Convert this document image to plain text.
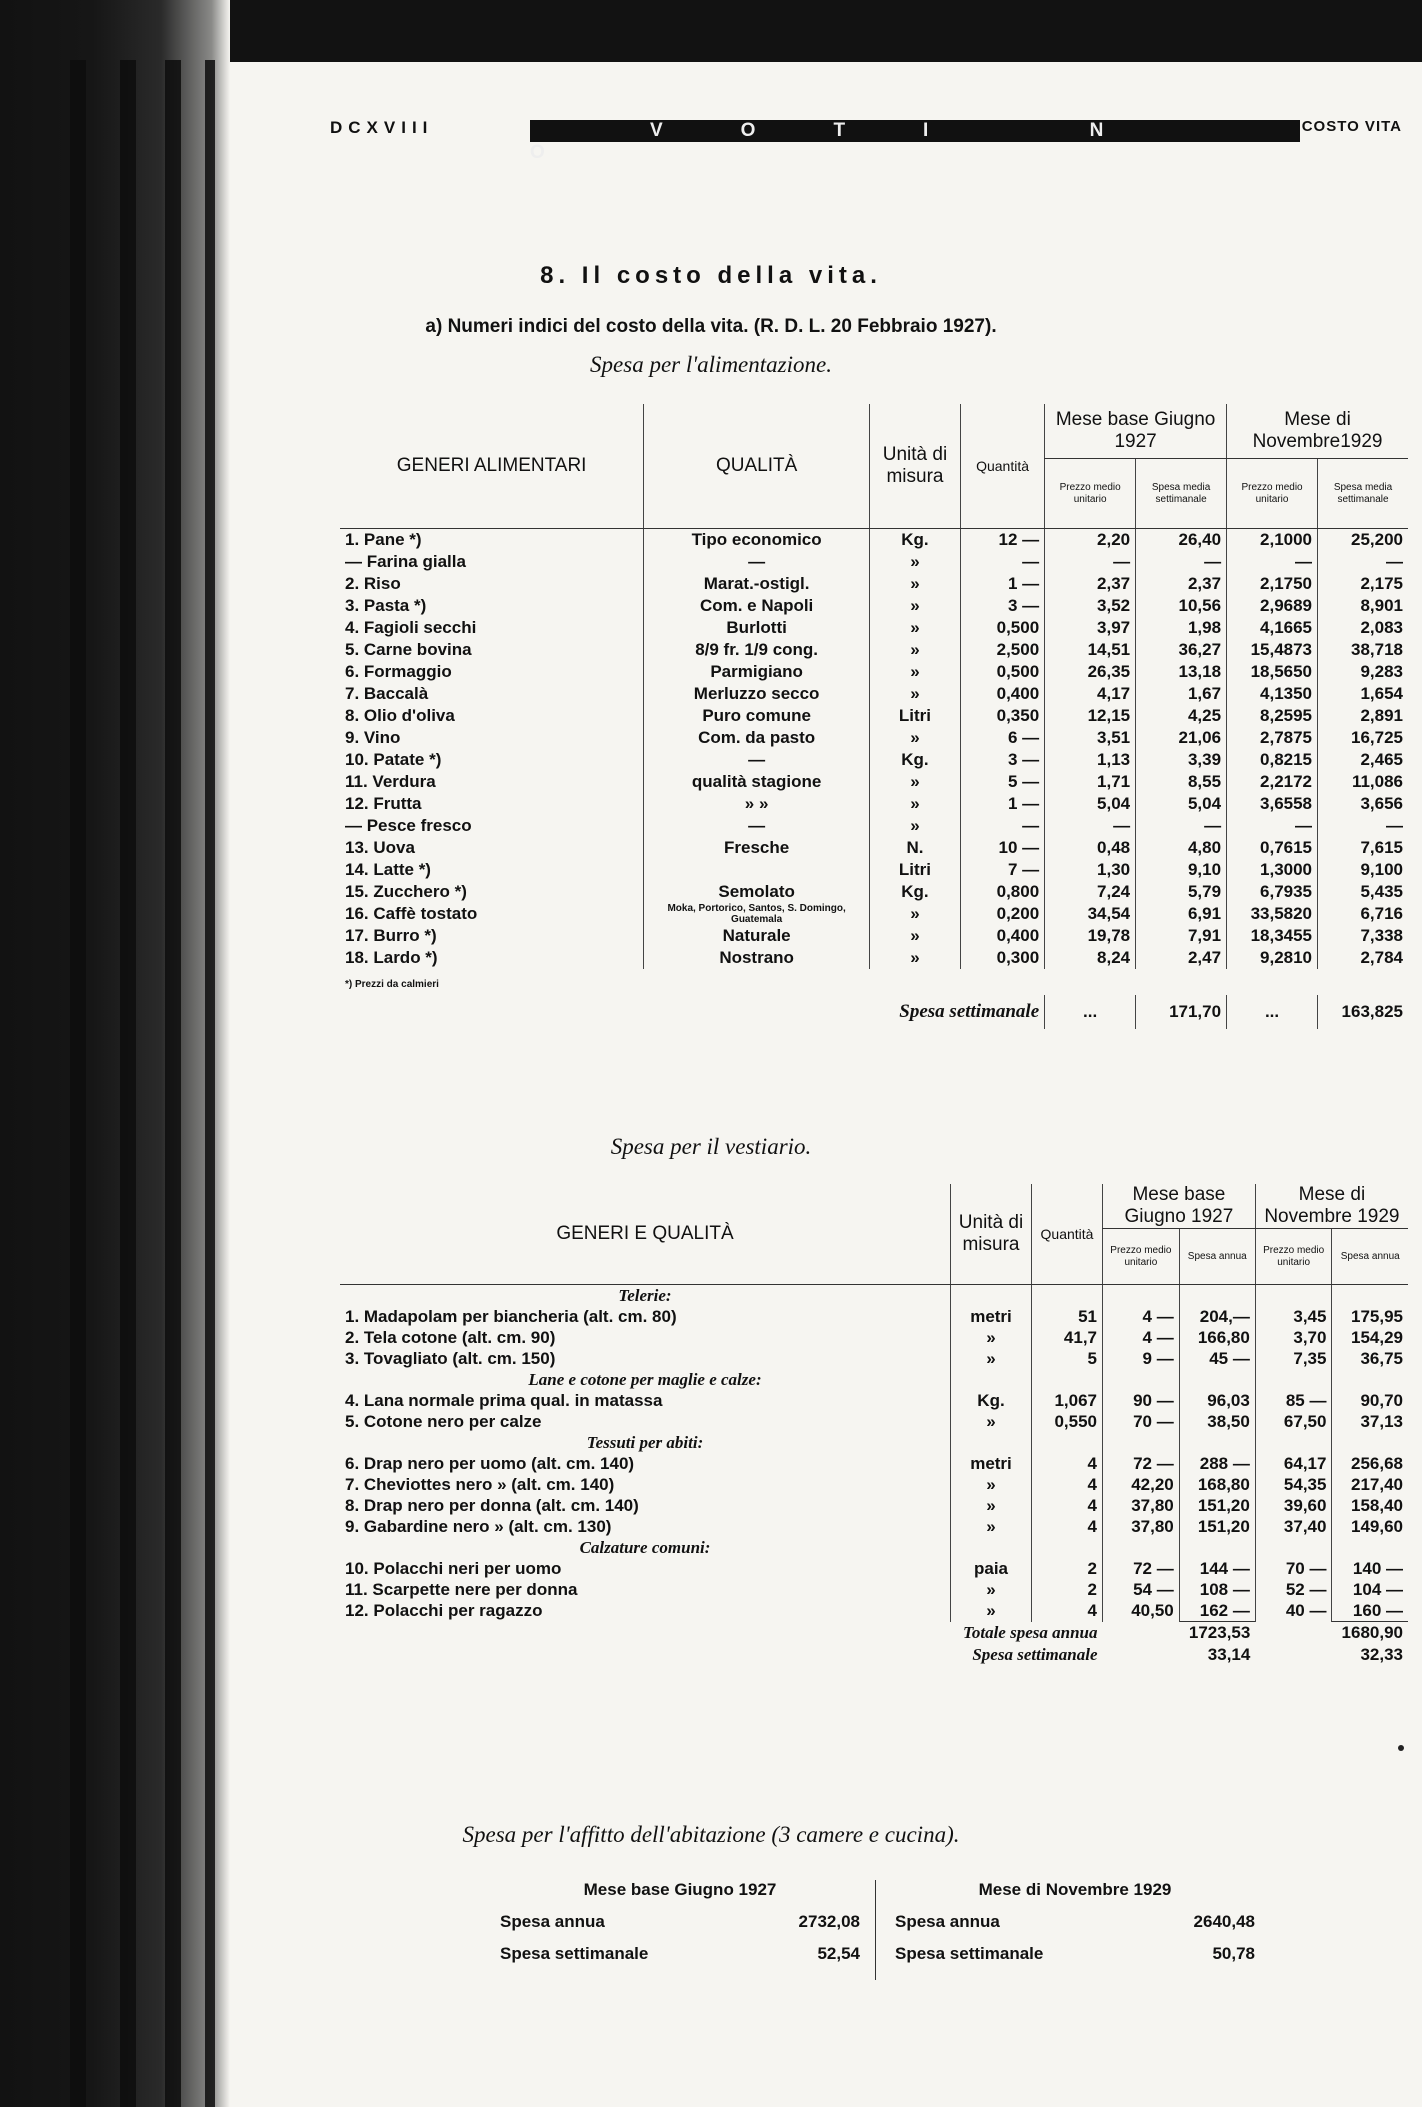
DCXVIII	VOTI N O
COSTO VITA
8. Il costo della vita.
a) Numeri indici del costo della vita. (R. D. L. 20 Febbraio 1927).
Spesa per l'alimentazione.
GENERI ALIMENTARI	QUALITÀ	Unità di misura	Quantità	Mese base Giugno 1927		Mese di Novembre1929	
				Prezzo medio unitario	Spesa media settimanale	Prezzo medio unitario	Spesa media settimanale
1. Pane *)	Tipo economico	Kg.	12 —	2,20	26,40	2,1000	25,200
— Farina gialla	—	»	—	—	—	—	—
2. Riso	Marat.-ostigl.	»	1 —	2,37	2,37	2,1750	2,175
3. Pasta *)	Com. e Napoli	»	3 —	3,52	10,56	2,9689	8,901
4. Fagioli secchi	Burlotti	»	0,500	3,97	1,98	4,1665	2,083
5. Carne bovina	8/9 fr. 1/9 cong.	»	2,500	14,51	36,27	15,4873	38,718
6. Formaggio	Parmigiano	»	0,500	26,35	13,18	18,5650	9,283
7. Baccalà	Merluzzo secco	»	0,400	4,17	1,67	4,1350	1,654
8. Olio d'oliva	Puro comune	Litri	0,350	12,15	4,25	8,2595	2,891
9. Vino	Com. da pasto	»	6 —	3,51	21,06	2,7875	16,725
10. Patate *)	—	Kg.	3 —	1,13	3,39	0,8215	2,465
11. Verdura	qualità stagione	»	5 —	1,71	8,55	2,2172	11,086
12. Frutta	» »	»	1 —	5,04	5,04	3,6558	3,656
— Pesce fresco	—	»	—	—	—	—	—
13. Uova	Fresche	N.	10 —	0,48	4,80	0,7615	7,615
14. Latte *)		Litri	7 —	1,30	9,10	1,3000	9,100
15. Zucchero *)	Semolato	Kg.	0,800	7,24	5,79	6,7935	5,435
16. Caffè tostato	Moka, Portorico, Santos, S. Domingo, Guatemala	»	0,200	34,54	6,91	33,5820	6,716
17. Burro *)	Naturale	»	0,400	19,78	7,91	18,3455	7,338
18. Lardo *)	Nostrano	»	0,300	8,24	2,47	9,2810	2,784
*) Prezzi da calmieri							
Spesa settimanale				...	171,70	...	163,825
Spesa per il vestiario.
GENERI E QUALITÀ	Unità di misura	Quantità	Mese base Giugno 1927		Mese di Novembre 1929	
			Prezzo medio unitario	Spesa annua	Prezzo medio unitario	Spesa annua
Telerie:						
1. Madapolam per biancheria (alt. cm. 80)	metri	51	4 —	204,—	3,45	175,95
2. Tela cotone (alt. cm. 90)	»	41,7	4 —	166,80	3,70	154,29
3. Tovagliato (alt. cm. 150)	»	5	9 —	45 —	7,35	36,75
Lane e cotone per maglie e calze:						
4. Lana normale prima qual. in matassa	Kg.	1,067	90 —	96,03	85 —	90,70
5. Cotone nero per calze	»	0,550	70 —	38,50	67,50	37,13
Tessuti per abiti:						
6. Drap nero per uomo (alt. cm. 140)	metri	4	72 —	288 —	64,17	256,68
7. Cheviottes nero » (alt. cm. 140)	»	4	42,20	168,80	54,35	217,40
8. Drap nero per donna (alt. cm. 140)	»	4	37,80	151,20	39,60	158,40
9. Gabardine nero » (alt. cm. 130)	»	4	37,80	151,20	37,40	149,60
Calzature comuni:						
10. Polacchi neri per uomo	paia	2	72 —	144 —	70 —	140 —
11. Scarpette nere per donna	»	2	54 —	108 —	52 —	104 —
12. Polacchi per ragazzo	»	4	40,50	162 —	40 —	160 —
Totale spesa annua				1723,53		1680,90
Spesa settimanale				33,14		32,33
Spesa per l'affitto dell'abitazione (3 camere e cucina).
Mese base Giugno 1927
Spesa annua	2732,08
Spesa settimanale	52,54
Mese di Novembre 1929
Spesa annua	2640,48
Spesa settimanale	50,78
